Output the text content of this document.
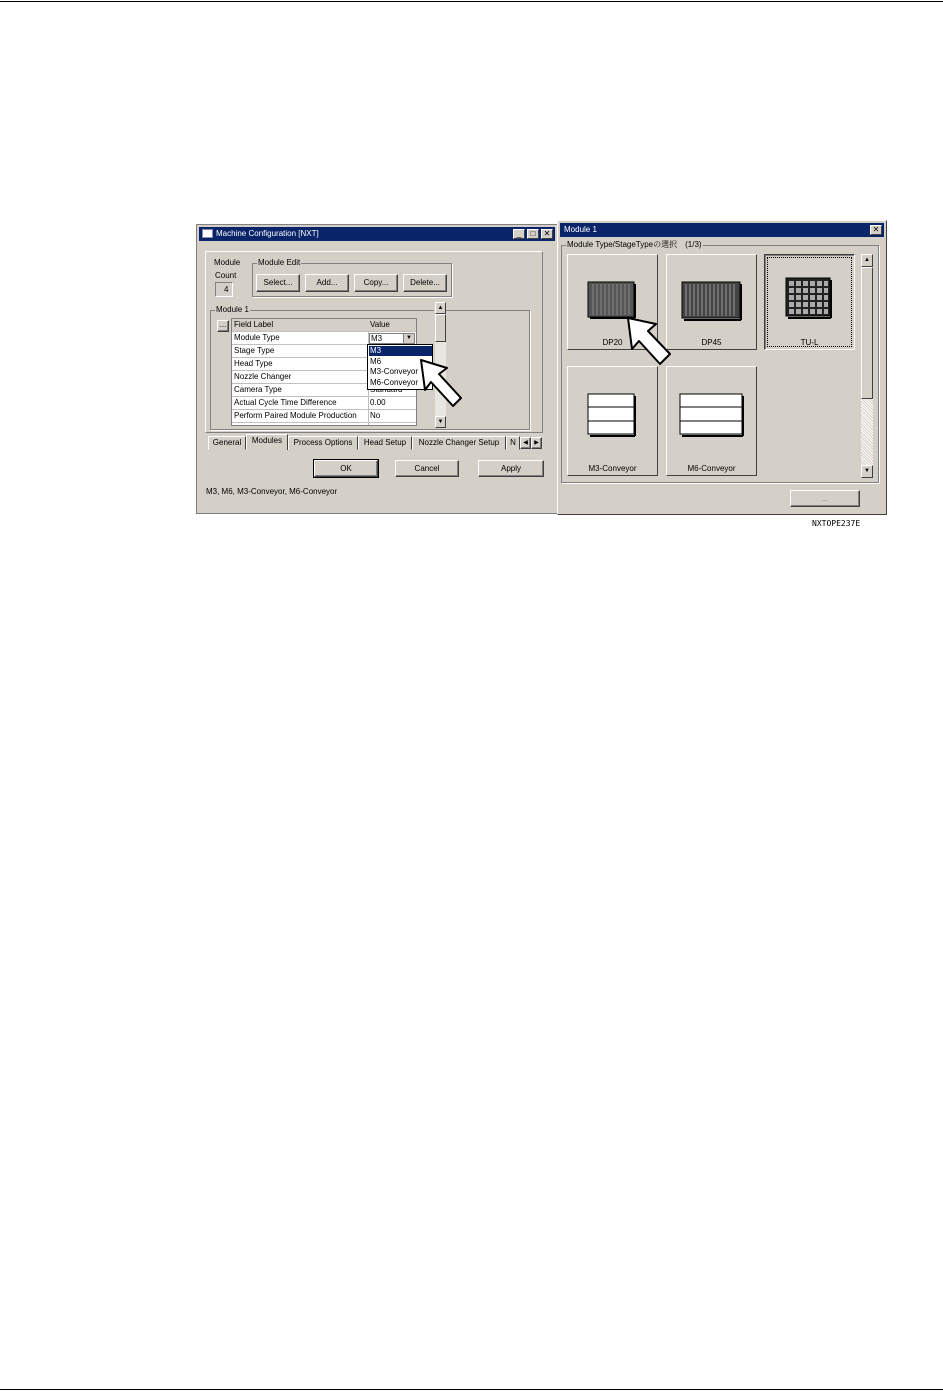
Machine Configuration [NXT]	_	□	✕
Module
Count
4
Module Edit
Select...	Add...	Copy...	Delete...
Module 1
... Field Label	Value
Module Type	M3	▼
Stage Type
Head Type
Nozzle Changer
Camera Type
Actual Cycle Time Difference	0.00
Perform Paired Module Production No
▲
▼
M3
M6
M3-Conveyor
M6-Conveyor
General	Modules	Process Options	Head Setup	Nozzle Changer Setup	N	◀	▶
OK	Cancel	Apply
M3, M6, M3-Conveyor, M6-Conveyor
Module 1	✕
Module Type/StageTypeの選択　(1/3)
DP20	DP45	TU-L
M3-Conveyor	M6-Conveyor
▲
▼
...
NXTOPE237E
